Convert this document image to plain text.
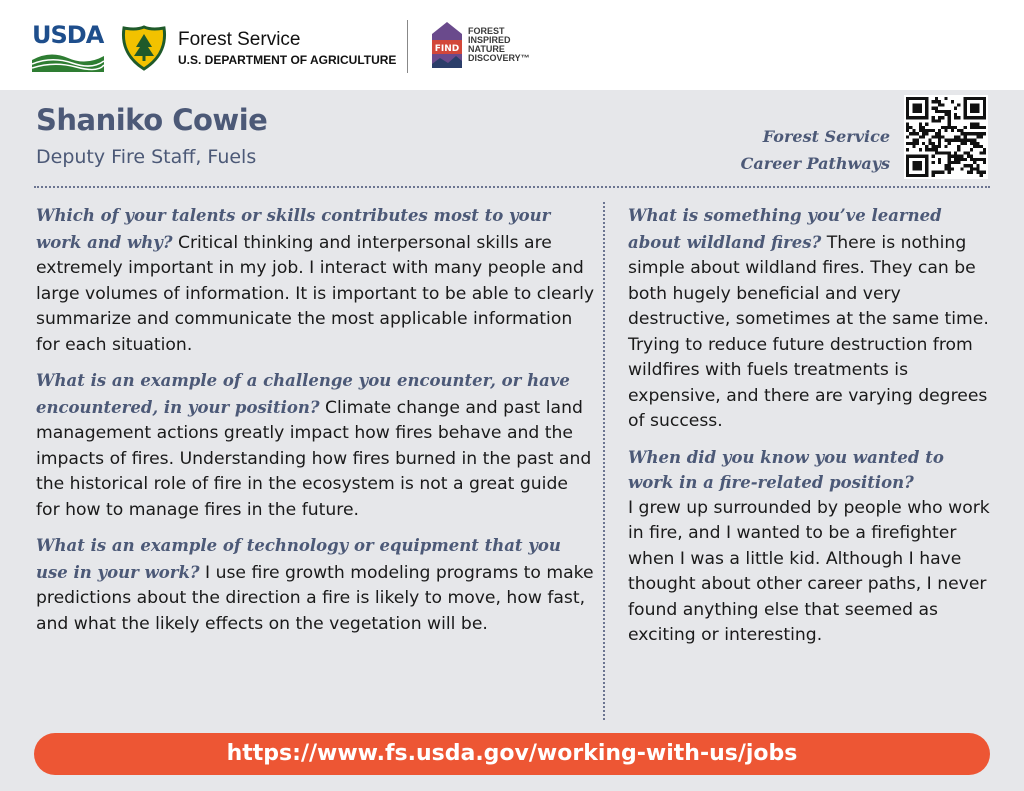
USDA	Forest Service
U.S. DEPARTMENT OF AGRICULTURE
FIND
FOREST
INSPIRED
NATURE
DISCOVERY™
Shaniko Cowie
Deputy Fire Staff, Fuels
Forest Service
Career Pathways

Which of your talents or skills contributes most to your work and why? Critical thinking and interpersonal skills are extremely important in my job. I interact with many people and large volumes of information. It is important to be able to clearly summarize and communicate the most applicable information for each situation.

What is an example of a challenge you encounter, or have encountered, in your position? Climate change and past land management actions greatly impact how fires behave and the impacts of fires. Understanding how fires burned in the past and the historical role of fire in the ecosystem is not a great guide for how to manage fires in the future.

What is an example of technology or equipment that you use in your work? I use fire growth modeling programs to make predictions about the direction a fire is likely to move, how fast, and what the likely effects on the vegetation will be.

What is something you’ve learned about wildland fires? There is nothing simple about wildland fires. They can be both hugely beneficial and very destructive, sometimes at the same time. Trying to reduce future destruction from wildfires with fuels treatments is expensive, and there are varying degrees of success.

When did you know you wanted to work in a fire-related position?
I grew up surrounded by people who work in fire, and I wanted to be a firefighter when I was a little kid. Although I have thought about other career paths, I never found anything else that seemed as exciting or interesting.

https://www.fs.usda.gov/working-with-us/jobs
